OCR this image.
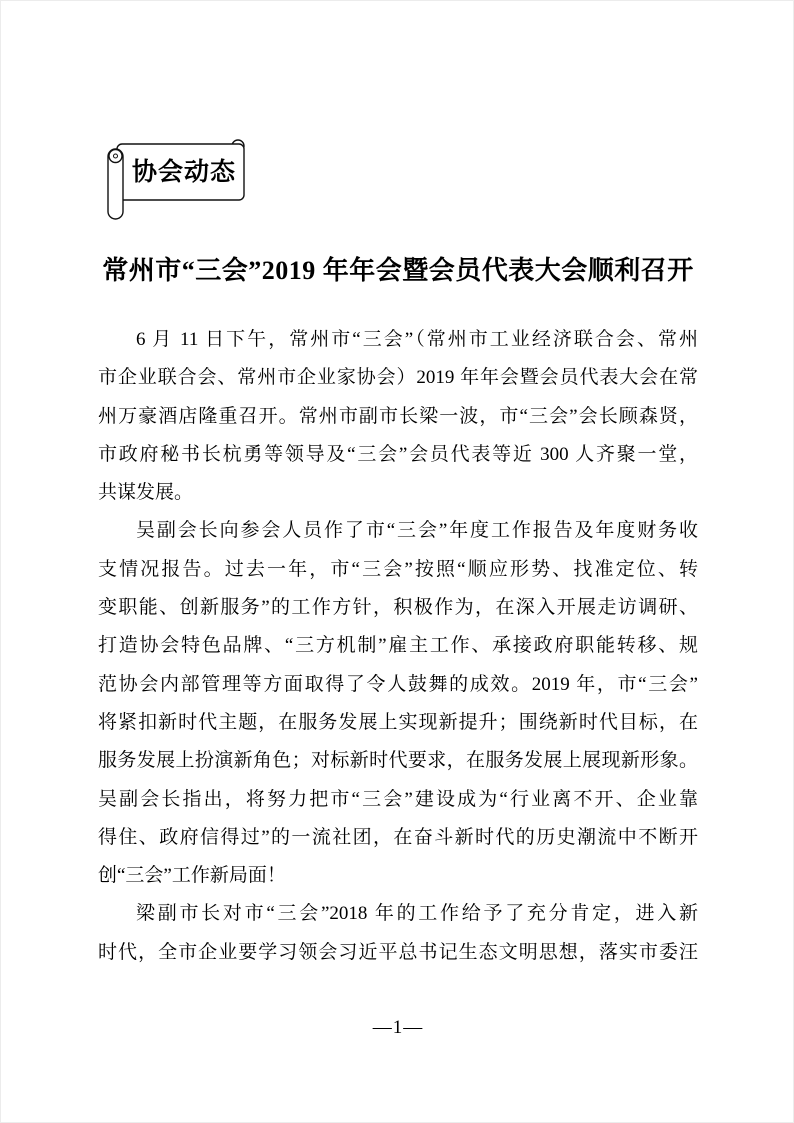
协会动态
常州市“三会”2019 年年会暨会员代表大会顺利召开

6 月 11 日下午，常州市“三会”（常州市工业经济联合会、常州
市企业联合会、常州市企业家协会）2019 年年会暨会员代表大会在常
州万豪酒店隆重召开。常州市副市长梁一波，市“三会”会长顾森贤，
市政府秘书长杭勇等领导及“三会”会员代表等近 300 人齐聚一堂，
共谋发展。

吴副会长向参会人员作了市“三会”年度工作报告及年度财务收
支情况报告。过去一年，市“三会”按照“顺应形势、找准定位、转
变职能、创新服务”的工作方针，积极作为，在深入开展走访调研、
打造协会特色品牌、“三方机制”雇主工作、承接政府职能转移、规
范协会内部管理等方面取得了令人鼓舞的成效。2019 年，市“三会”
将紧扣新时代主题，在服务发展上实现新提升；围绕新时代目标，在
服务发展上扮演新角色；对标新时代要求，在服务发展上展现新形象。
吴副会长指出，将努力把市“三会”建设成为“行业离不开、企业靠
得住、政府信得过”的一流社团，在奋斗新时代的历史潮流中不断开
创“三会”工作新局面！

梁副市长对市“三会”2018 年的工作给予了充分肯定，进入新
时代，全市企业要学习领会习近平总书记生态文明思想，落实市委汪

—1—
